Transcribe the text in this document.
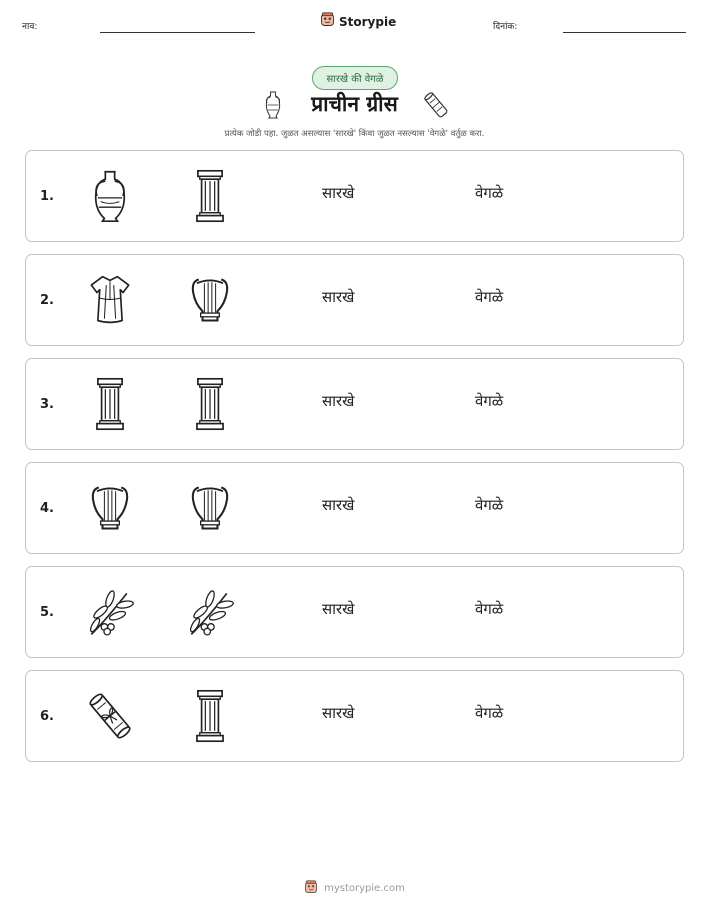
नाव:	Storypie	दिनांक:
सारखे की वेगळे
प्राचीन ग्रीस
प्रत्येक जोडी पहा. जुळत असल्यास 'सारखे' किंवा जुळत नसल्यास 'वेगळे' वर्तुळ करा.
1.	सारखे	वेगळे
2.	सारखे	वेगळे
3.	सारखे	वेगळे
4.	सारखे	वेगळे
5.	सारखे	वेगळे
6.	सारखे	वेगळे
mystorypie.com
